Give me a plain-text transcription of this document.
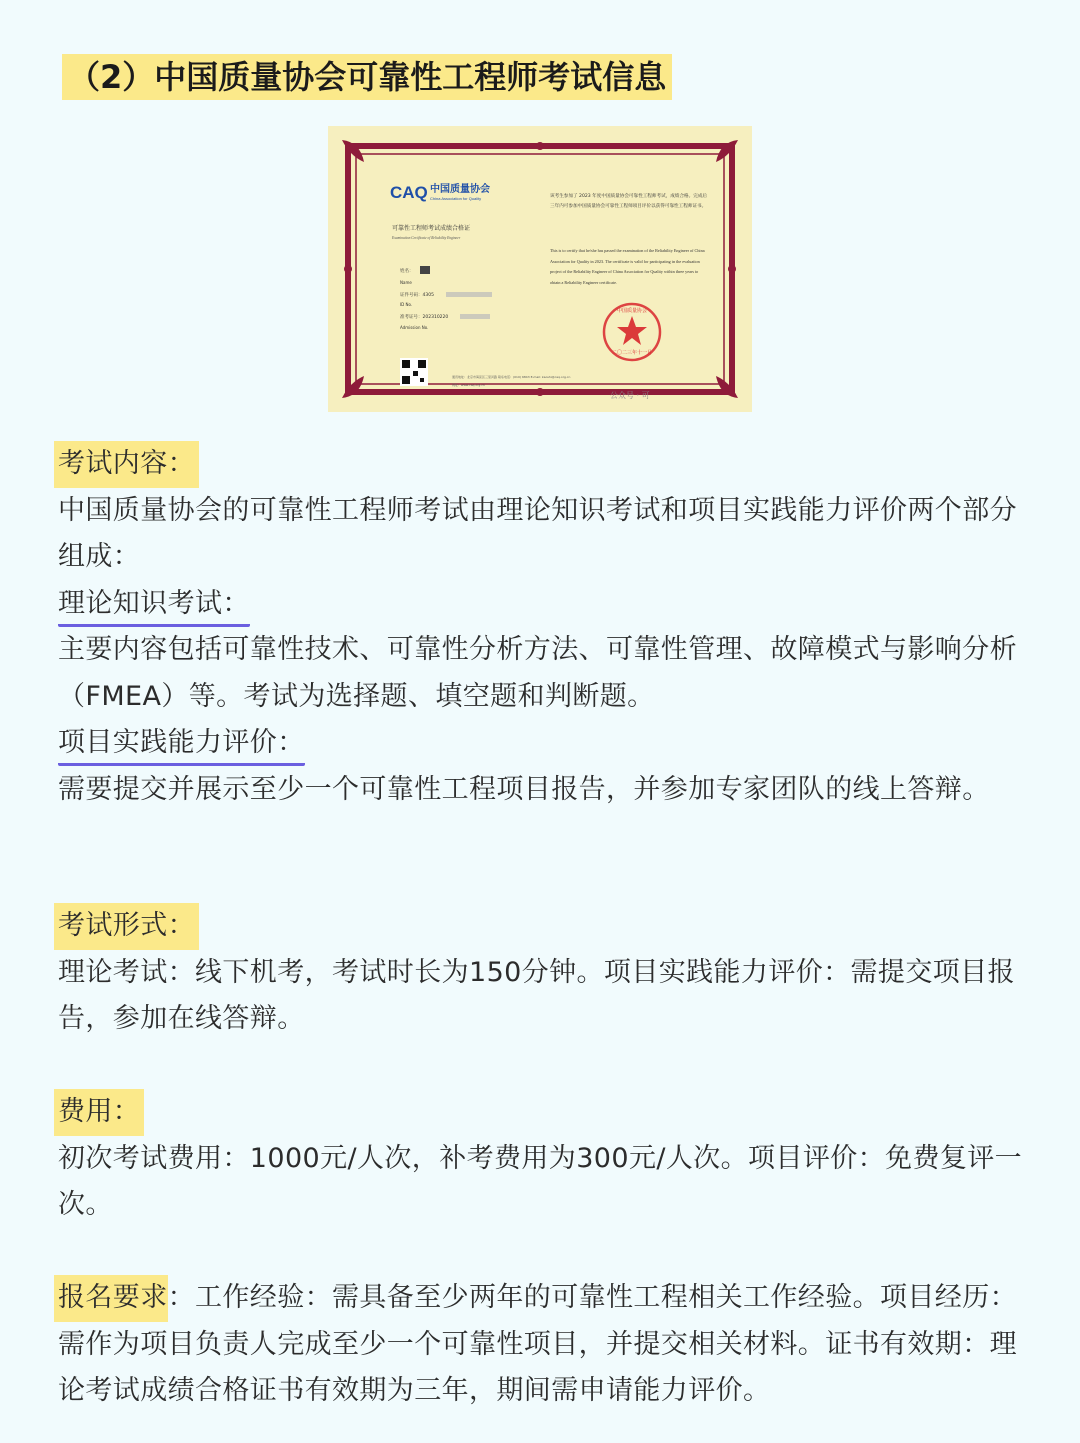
（2）中国质量协会可靠性工程师考试信息
CAQ 中国质量协会
China Association for Quality
可靠性工程师考试成绩合格证
Examination Certificate of Reliability Engineer
姓名：
Name
证件号码：4305
ID No.
准考证号：202310220
Admission No.
该考生参加了 2023 年度中国质量协会可靠性工程师考试，成绩合格。完成后三年内可参加中国质量协会可靠性工程师项目评价以获得可靠性工程师证书。
This is to certify that he/she has passed the examination of the Reliability Engineer of China Association for Quality in 2023. The certificate is valid for participating in the evaluation project of the Reliability Engineer of China Association for Quality within three years to obtain a Reliability Engineer certificate.
二〇二三年十一月
中国质量协会
通讯地址：北京市海淀区三里河路 联系电话：(010) 6843 E-mail: kaoshi@caq.org.cn
网址：www.caq.org.cn
公众号 · 可
考试内容：

中国质量协会的可靠性工程师考试由理论知识考试和项目实践能力评价两个部分组成：

理论知识考试：

主要内容包括可靠性技术、可靠性分析方法、可靠性管理、故障模式与影响分析（FMEA）等。考试为选择题、填空题和判断题。

项目实践能力评价：

需要提交并展示至少一个可靠性工程项目报告，并参加专家团队的线上答辩。

考试形式：

理论考试：线下机考，考试时长为150分钟。项目实践能力评价：需提交项目报告，参加在线答辩。

费用：

初次考试费用：1000元/人次，补考费用为300元/人次。项目评价：免费复评一次。

报名要求：工作经验：需具备至少两年的可靠性工程相关工作经验。项目经历：需作为项目负责人完成至少一个可靠性项目，并提交相关材料。证书有效期：理论考试成绩合格证书有效期为三年，期间需申请能力评价。
